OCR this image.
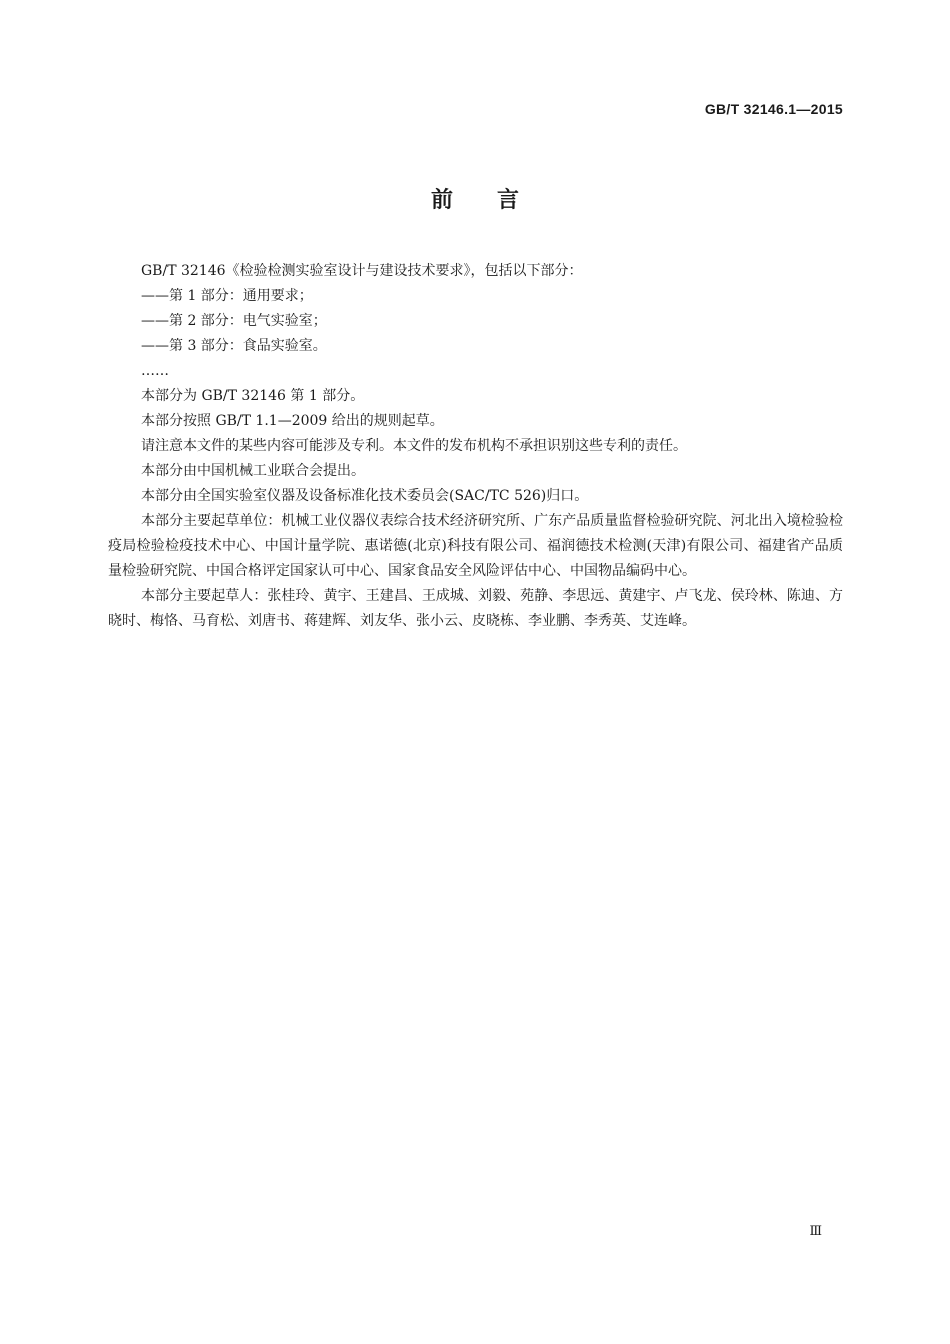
GB/T 32146.1—2015
前 言

GB/T 32146《检验检测实验室设计与建设技术要求》，包括以下部分：

——第 1 部分：通用要求；

——第 2 部分：电气实验室；

——第 3 部分：食品实验室。

……

本部分为 GB/T 32146 第 1 部分。

本部分按照 GB/T 1.1—2009 给出的规则起草。

请注意本文件的某些内容可能涉及专利。本文件的发布机构不承担识别这些专利的责任。

本部分由中国机械工业联合会提出。

本部分由全国实验室仪器及设备标准化技术委员会(SAC/TC 526)归口。

本部分主要起草单位：机械工业仪器仪表综合技术经济研究所、广东产品质量监督检验研究院、河北出入境检验检疫局检验检疫技术中心、中国计量学院、惠诺德(北京)科技有限公司、福润德技术检测(天津)有限公司、福建省产品质量检验研究院、中国合格评定国家认可中心、国家食品安全风险评估中心、中国物品编码中心。

本部分主要起草人：张桂玲、黄宇、王建昌、王成城、刘毅、苑静、李思远、黄建宇、卢飞龙、侯玲林、陈迪、方晓时、梅恪、马育松、刘唐书、蒋建辉、刘友华、张小云、皮晓栋、李业鹏、李秀英、艾连峰。

Ⅲ
